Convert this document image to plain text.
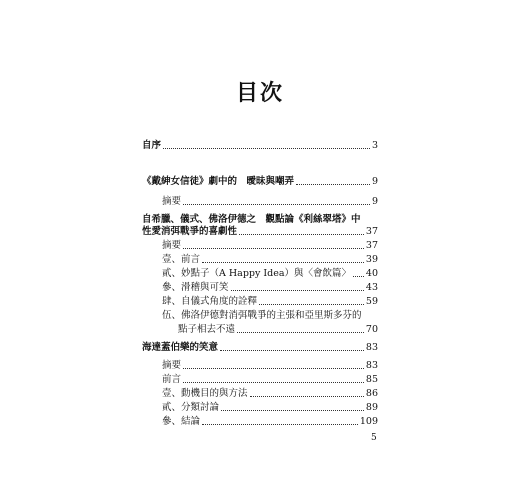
目次
自序	3
《戴紳女信徒》劇中的　曖昧與嘲弄	9
摘要	9
自希臘、儀式、佛洛伊德之　觀點論《利絲翠塔》中
性愛消弭戰爭的喜劇性	37
摘要	37
壹、前言	39
貳、妙點子（A Happy Idea）與〈會飲篇〉 40
參、滑稽與可笑	43
肆、自儀式角度的詮釋	59
伍、佛洛伊德對消弭戰爭的主張和亞里斯多芬的
點子相去不遠	70
海達蓋伯樂的笑意	83
摘要	83
前言	85
壹、動機目的與方法	86
貳、分類討論	89
參、結論	109
5
